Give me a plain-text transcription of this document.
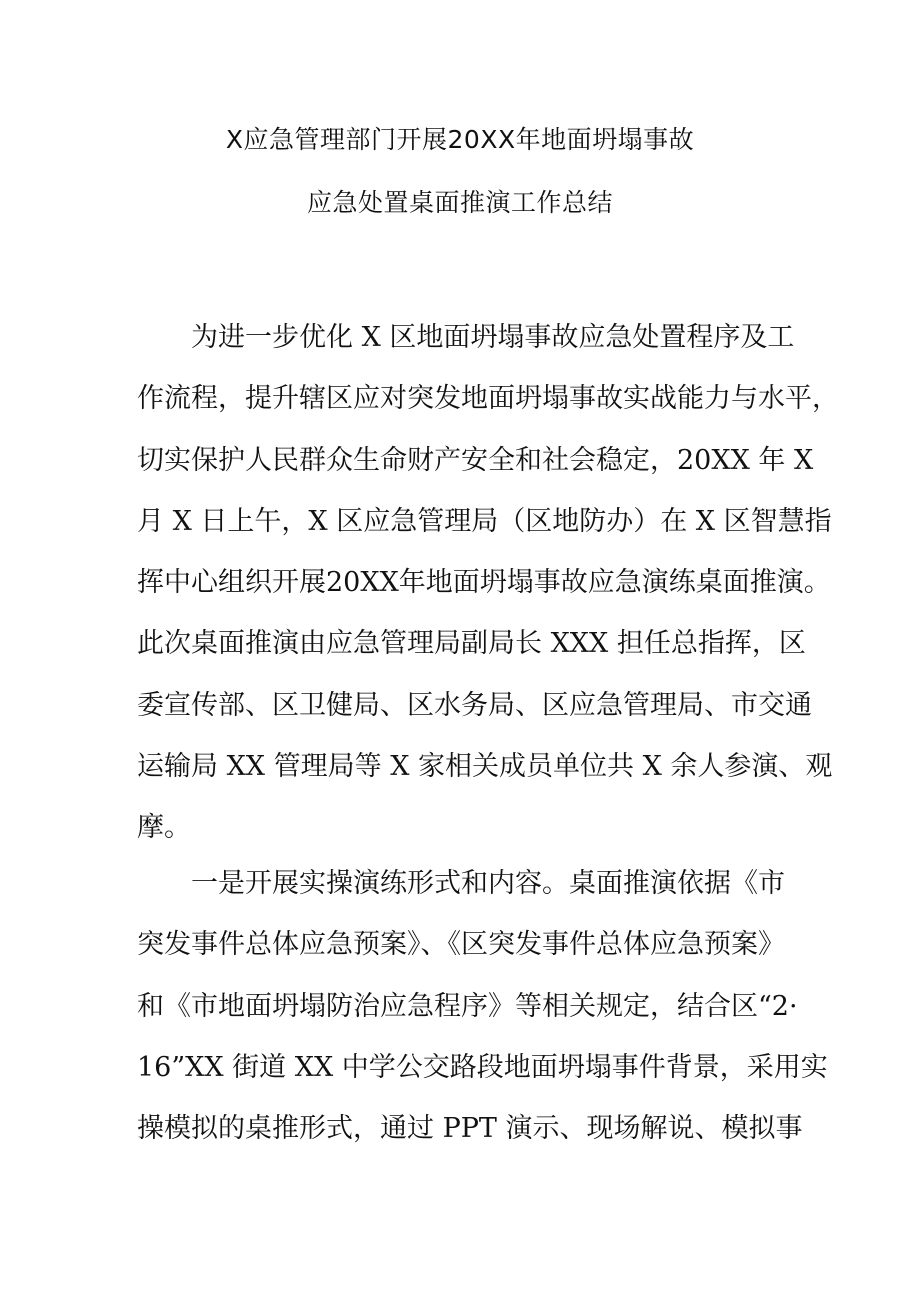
X应急管理部门开展20XX年地面坍塌事故
应急处置桌面推演工作总结
为进一步优化 X 区地面坍塌事故应急处置程序及工
作流程，提升辖区应对突发地面坍塌事故实战能力与水平，
切实保护人民群众生命财产安全和社会稳定，20XX 年 X
月 X 日上午，X 区应急管理局（区地防办）在 X 区智慧指
挥中心组织开展20XX年地面坍塌事故应急演练桌面推演。
此次桌面推演由应急管理局副局长 XXX 担任总指挥，区
委宣传部、区卫健局、区水务局、区应急管理局、市交通
运输局 XX 管理局等 X 家相关成员单位共 X 余人参演、观
摩。
一是开展实操演练形式和内容。桌面推演依据《市
突发事件总体应急预案》、《区突发事件总体应急预案》
和《市地面坍塌防治应急程序》等相关规定，结合区“2·
16”XX 街道 XX 中学公交路段地面坍塌事件背景，采用实
操模拟的桌推形式，通过 PPT 演示、现场解说、模拟事
